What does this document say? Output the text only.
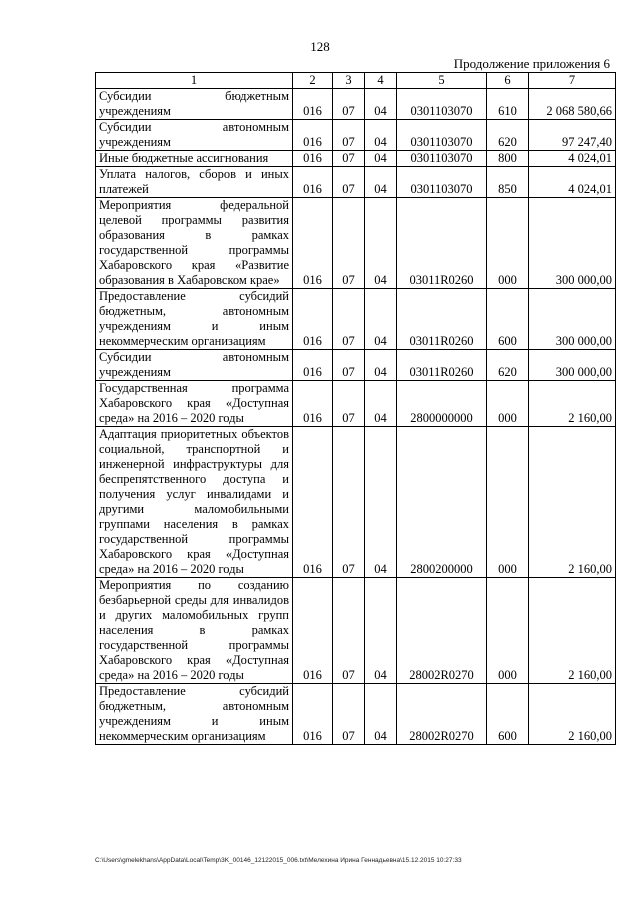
128
Продолжение приложения 6
1	2	3	4	5	6	7
Субсидии бюджетным учреждениям	016	07	04	0301103070	610	2 068 580,66
Субсидии автономным учреждениям	016	07	04	0301103070	620	97 247,40
Иные бюджетные ассигнования	016	07	04	0301103070	800	4 024,01
Уплата налогов, сборов и иных платежей	016	07	04	0301103070	850	4 024,01
Мероприятия федеральной целевой программы развития образования в рамках государственной программы Хабаровского края «Развитие образования в Хабаровском крае»	016	07	04	03011R0260	000	300 000,00
Предоставление субсидий бюджетным, автономным учреждениям и иным некоммерческим организациям	016	07	04	03011R0260	600	300 000,00
Субсидии автономным учреждениям	016	07	04	03011R0260	620	300 000,00
Государственная программа Хабаровского края «Доступная среда» на 2016 – 2020 годы	016	07	04	2800000000	000	2 160,00
Адаптация приоритетных объектов социальной, транспортной и инженерной инфраструктуры для беспрепятственного доступа и получения услуг инвалидами и другими маломобильными группами населения в рамках государственной программы Хабаровского края «Доступная среда» на 2016 – 2020 годы	016	07	04	2800200000	000	2 160,00
Мероприятия по созданию безбарьерной среды для инвалидов и других маломобильных групп населения в рамках государственной программы Хабаровского края «Доступная среда» на 2016 – 2020 годы	016	07	04	28002R0270	000	2 160,00
Предоставление субсидий бюджетным, автономным учреждениям и иным некоммерческим организациям	016	07	04	28002R0270	600	2 160,00
C:\Users\gmelekhans\AppData\Local\Temp\3K_00146_12122015_006.txt\Мелехина Ирина Геннадьевна\15.12.2015 10:27:33
